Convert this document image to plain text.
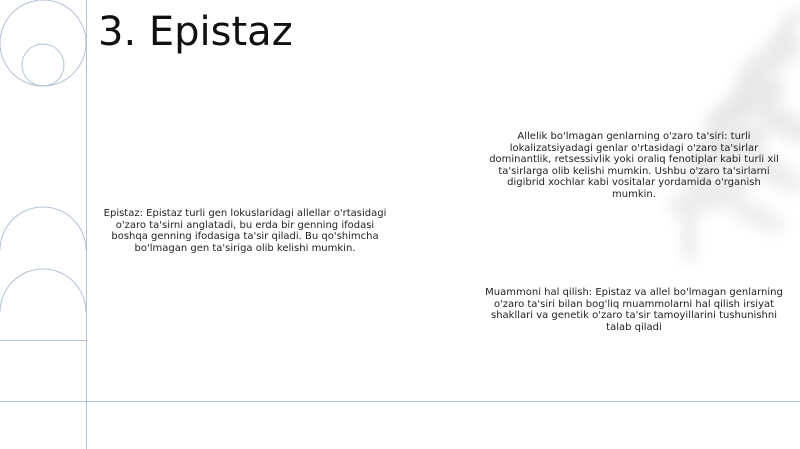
3. Epistaz

Epistaz: Epistaz turli gen lokuslaridagi allellar o'rtasidagi o'zaro ta'sirni anglatadi, bu erda bir genning ifodasi boshqa genning ifodasiga ta'sir qiladi. Bu qo'shimcha bo'lmagan gen ta'siriga olib kelishi mumkin.

Allelik bo'lmagan genlarning o'zaro ta'siri: turli lokalizatsiyadagi genlar o'rtasidagi o'zaro ta'sirlar dominantlik, retsessivlik yoki oraliq fenotiplar kabi turli xil ta'sirlarga olib kelishi mumkin. Ushbu o'zaro ta'sirlarni digibrid xochlar kabi vositalar yordamida o'rganish mumkin.

Muammoni hal qilish: Epistaz va allel bo'lmagan genlarning o'zaro ta'siri bilan bog'liq muammolarni hal qilish irsiyat shakllari va genetik o'zaro ta'sir tamoyillarini tushunishni talab qiladi
